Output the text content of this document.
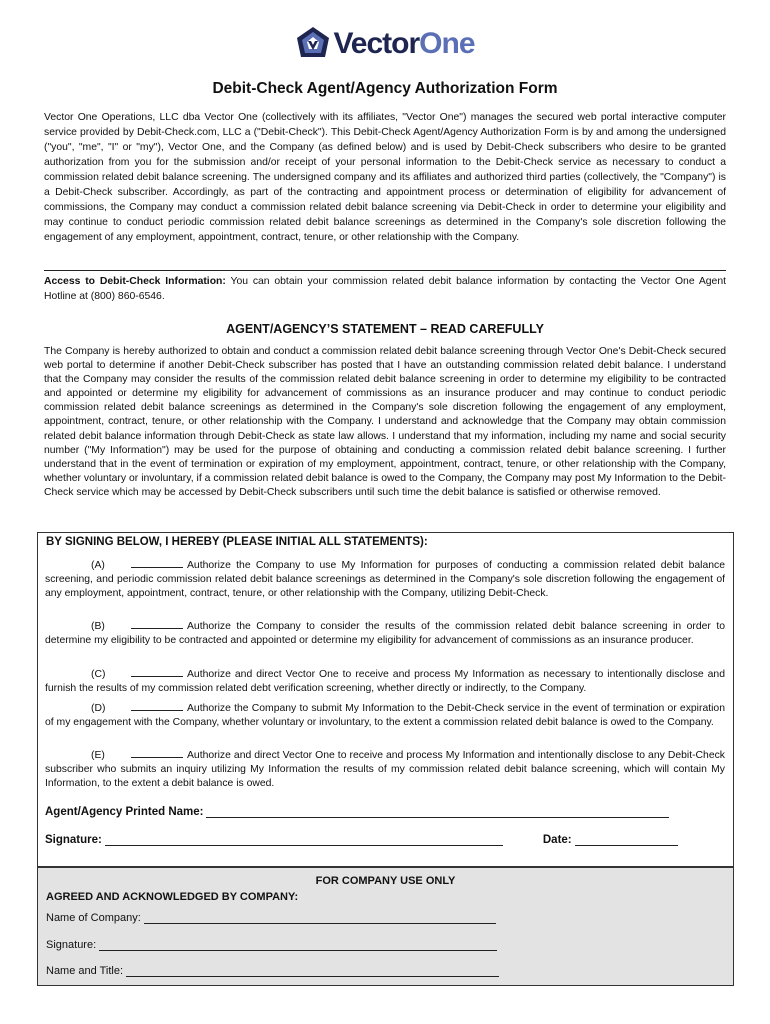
VectorOne
Debit-Check Agent/Agency Authorization Form
Vector One Operations, LLC dba Vector One (collectively with its affiliates, "Vector One") manages the secured web portal interactive computer service provided by Debit-Check.com, LLC a ("Debit-Check"). This Debit-Check Agent/Agency Authorization Form is by and among the undersigned ("you", "me", "I" or "my"), Vector One, and the Company (as defined below) and is used by Debit-Check subscribers who desire to be granted authorization from you for the submission and/or receipt of your personal information to the Debit-Check service as necessary to conduct a commission related debit balance screening. The undersigned company and its affiliates and authorized third parties (collectively, the "Company") is a Debit-Check subscriber. Accordingly, as part of the contracting and appointment process or determination of eligibility for advancement of commissions, the Company may conduct a commission related debit balance screening via Debit-Check in order to determine your eligibility and may continue to conduct periodic commission related debit balance screenings as determined in the Company's sole discretion following the engagement of any employment, appointment, contract, tenure, or other relationship with the Company.
Access to Debit-Check Information: You can obtain your commission related debit balance information by contacting the Vector One Agent Hotline at (800) 860-6546.
AGENT/AGENCY’S STATEMENT – READ CAREFULLY
The Company is hereby authorized to obtain and conduct a commission related debit balance screening through Vector One's Debit-Check secured web portal to determine if another Debit-Check subscriber has posted that I have an outstanding commission related debit balance. I understand that the Company may consider the results of the commission related debit balance screening in order to determine my eligibility to be contracted and appointed or determine my eligibility for advancement of commissions as an insurance producer and may continue to conduct periodic commission related debit balance screenings as determined in the Company's sole discretion following the engagement of any employment, appointment, contract, tenure, or other relationship with the Company. I understand and acknowledge that the Company may obtain commission related debit balance information through Debit-Check as state law allows. I understand that my information, including my name and social security number ("My Information") may be used for the purpose of obtaining and conducting a commission related debit balance screening. I further understand that in the event of termination or expiration of my employment, appointment, contract, tenure, or other relationship with the Company, whether voluntary or involuntary, if a commission related debit balance is owed to the Company, the Company may post My Information to the Debit-Check service which may be accessed by Debit-Check subscribers until such time the debit balance is satisfied or otherwise removed.
BY SIGNING BELOW, I HEREBY (PLEASE INITIAL ALL STATEMENTS):
(A)	Authorize the Company to use My Information for purposes of conducting a commission related debit balance screening, and periodic commission related debit balance screenings as determined in the Company's sole discretion following the engagement of any employment, appointment, contract, tenure, or other relationship with the Company, utilizing Debit-Check.
(B)	Authorize the Company to consider the results of the commission related debit balance screening in order to determine my eligibility to be contracted and appointed or determine my eligibility for advancement of commissions as an insurance producer.
(C)	Authorize and direct Vector One to receive and process My Information as necessary to intentionally disclose and furnish the results of my commission related debt verification screening, whether directly or indirectly, to the Company.
(D)	Authorize the Company to submit My Information to the Debit-Check service in the event of termination or expiration of my engagement with the Company, whether voluntary or involuntary, to the extent a commission related debit balance is owed to the Company.
(E)	Authorize and direct Vector One to receive and process My Information and intentionally disclose to any Debit-Check subscriber who submits an inquiry utilizing My Information the results of my commission related debit balance screening, which will contain My Information, to the extent a debit balance is owed.
Agent/Agency Printed Name:
Signature:	Date:
FOR COMPANY USE ONLY
AGREED AND ACKNOWLEDGED BY COMPANY:
Name of Company:
Signature:
Name and Title:
